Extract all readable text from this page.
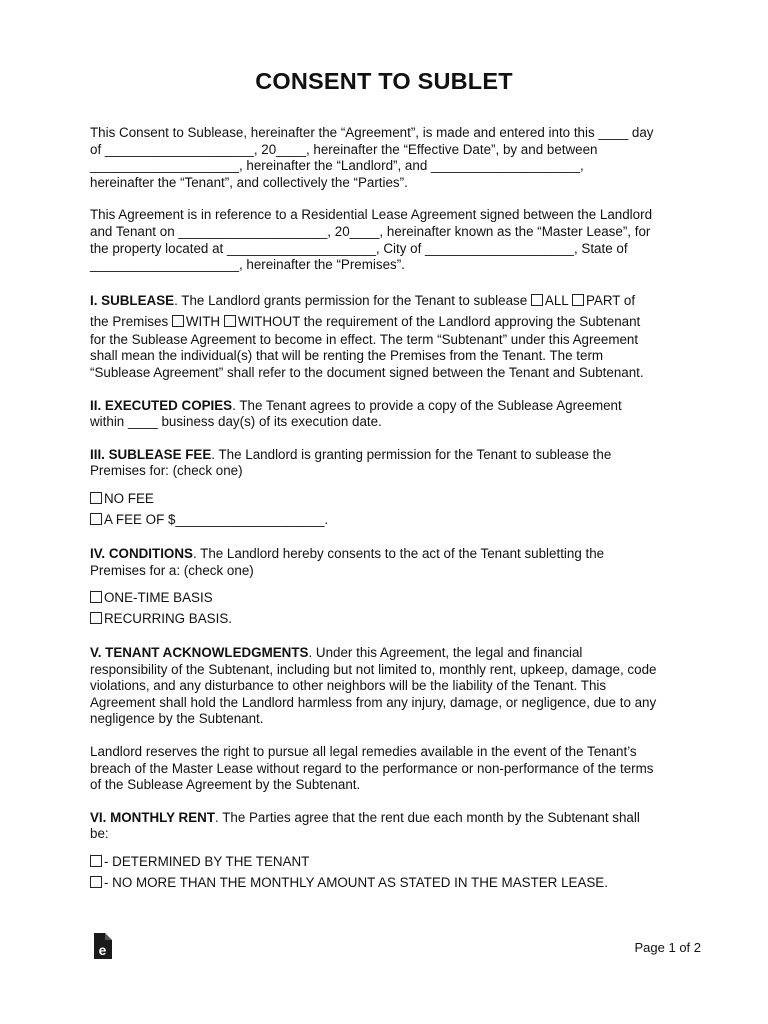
CONSENT TO SUBLET

This Consent to Sublease, hereinafter the “Agreement”, is made and entered into this ____ day

of ____________________, 20____, hereinafter the “Effective Date”, by and between

____________________, hereinafter the “Landlord”, and ____________________,

hereinafter the “Tenant”, and collectively the “Parties”.

This Agreement is in reference to a Residential Lease Agreement signed between the Landlord

and Tenant on ____________________, 20____, hereinafter known as the “Master Lease”, for

the property located at ____________________, City of ____________________, State of

____________________, hereinafter the “Premises”.

I. SUBLEASE. The Landlord grants permission for the Tenant to sublease ALL PART of

the Premises WITH WITHOUT the requirement of the Landlord approving the Subtenant

for the Sublease Agreement to become in effect. The term “Subtenant” under this Agreement

shall mean the individual(s) that will be renting the Premises from the Tenant. The term

“Sublease Agreement” shall refer to the document signed between the Tenant and Subtenant.

II. EXECUTED COPIES. The Tenant agrees to provide a copy of the Sublease Agreement

within ____ business day(s) of its execution date.

III. SUBLEASE FEE. The Landlord is granting permission for the Tenant to sublease the

Premises for: (check one)

NO FEE

A FEE OF $____________________.

IV. CONDITIONS. The Landlord hereby consents to the act of the Tenant subletting the

Premises for a: (check one)

ONE-TIME BASIS

RECURRING BASIS.

V. TENANT ACKNOWLEDGMENTS. Under this Agreement, the legal and financial

responsibility of the Subtenant, including but not limited to, monthly rent, upkeep, damage, code

violations, and any disturbance to other neighbors will be the liability of the Tenant. This

Agreement shall hold the Landlord harmless from any injury, damage, or negligence, due to any

negligence by the Subtenant.

Landlord reserves the right to pursue all legal remedies available in the event of the Tenant’s

breach of the Master Lease without regard to the performance or non-performance of the terms

of the Sublease Agreement by the Subtenant.

VI. MONTHLY RENT. The Parties agree that the rent due each month by the Subtenant shall

be:

- DETERMINED BY THE TENANT

- NO MORE THAN THE MONTHLY AMOUNT AS STATED IN THE MASTER LEASE.

e	Page 1 of 2
